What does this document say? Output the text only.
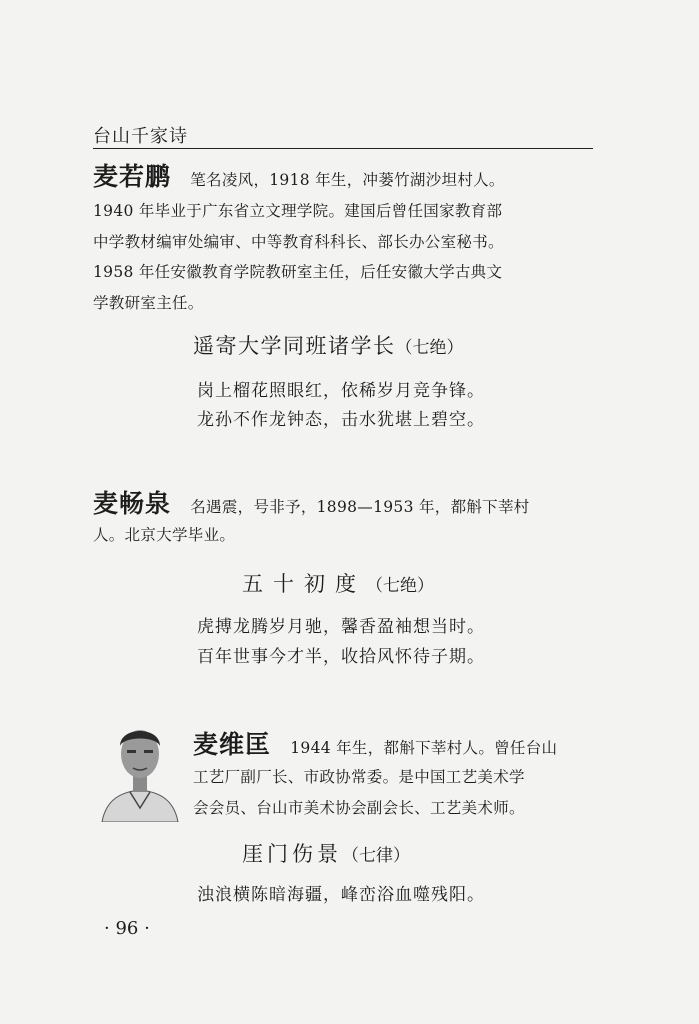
台山千家诗
麦若鹏 笔名凌风，1918 年生，冲蒌竹湖沙坦村人。
1940 年毕业于广东省立文理学院。建国后曾任国家教育部
中学教材编审处编审、中等教育科科长、部长办公室秘书。
1958 年任安徽教育学院教研室主任，后任安徽大学古典文
学教研室主任。
遥寄大学同班诸学长（七绝）
岗上榴花照眼红，依稀岁月竞争锋。
龙孙不作龙钟态，击水犹堪上碧空。
麦畅泉 名遇震，号非予，1898—1953 年，都斛下莘村
人。北京大学毕业。
五十初度（七绝）
虎搏龙腾岁月驰，馨香盈袖想当时。
百年世事今才半，收拾风怀待子期。
麦维匡 1944 年生，都斛下莘村人。曾任台山
工艺厂副厂长、市政协常委。是中国工艺美术学
会会员、台山市美术协会副会长、工艺美术师。
厓门伤景（七律）
浊浪横陈暗海疆，峰峦浴血噬残阳。
· 96 ·
